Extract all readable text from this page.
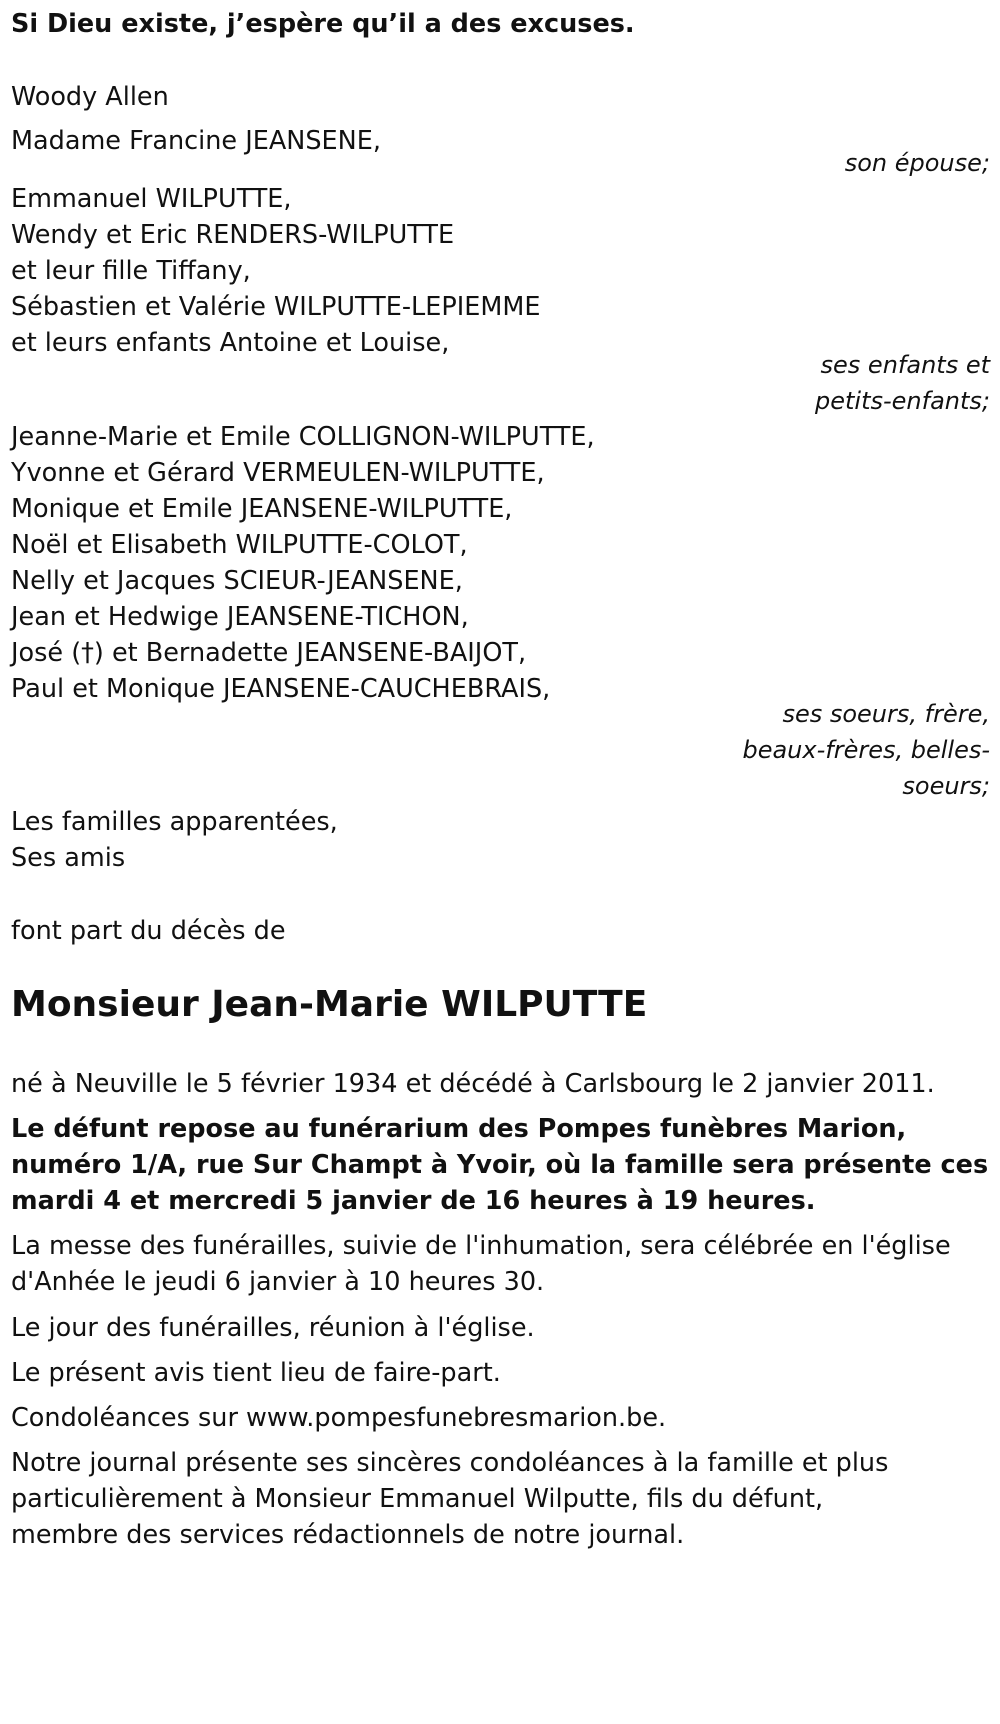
Si Dieu existe, j’espère qu’il a des excuses.

Woody Allen

Madame Francine JEANSENE,

son épouse;

Emmanuel WILPUTTE,

Wendy et Eric RENDERS-WILPUTTE

et leur fille Tiffany,

Sébastien et Valérie WILPUTTE-LEPIEMME

et leurs enfants Antoine et Louise,

ses enfants et

petits-enfants;

Jeanne-Marie et Emile COLLIGNON-WILPUTTE,

Yvonne et Gérard VERMEULEN-WILPUTTE,

Monique et Emile JEANSENE-WILPUTTE,

Noël et Elisabeth WILPUTTE-COLOT,

Nelly et Jacques SCIEUR-JEANSENE,

Jean et Hedwige JEANSENE-TICHON,

José (†) et Bernadette JEANSENE-BAIJOT,

Paul et Monique JEANSENE-CAUCHEBRAIS,

ses soeurs, frère,

beaux-frères, belles-

soeurs;

Les familles apparentées,

Ses amis

font part du décès de

Monsieur Jean-Marie WILPUTTE

né à Neuville le 5 février 1934 et décédé à Carlsbourg le 2 janvier 2011.

Le défunt repose au funérarium des Pompes funèbres Marion,

numéro 1/A, rue Sur Champt à Yvoir, où la famille sera présente ces

mardi 4 et mercredi 5 janvier de 16 heures à 19 heures.

La messe des funérailles, suivie de l'inhumation, sera célébrée en l'église

d'Anhée le jeudi 6 janvier à 10 heures 30.

Le jour des funérailles, réunion à l'église.

Le présent avis tient lieu de faire-part.

Condoléances sur www.pompesfunebresmarion.be.

Notre journal présente ses sincères condoléances à la famille et plus

particulièrement à Monsieur Emmanuel Wilputte, fils du défunt,

membre des services rédactionnels de notre journal.
